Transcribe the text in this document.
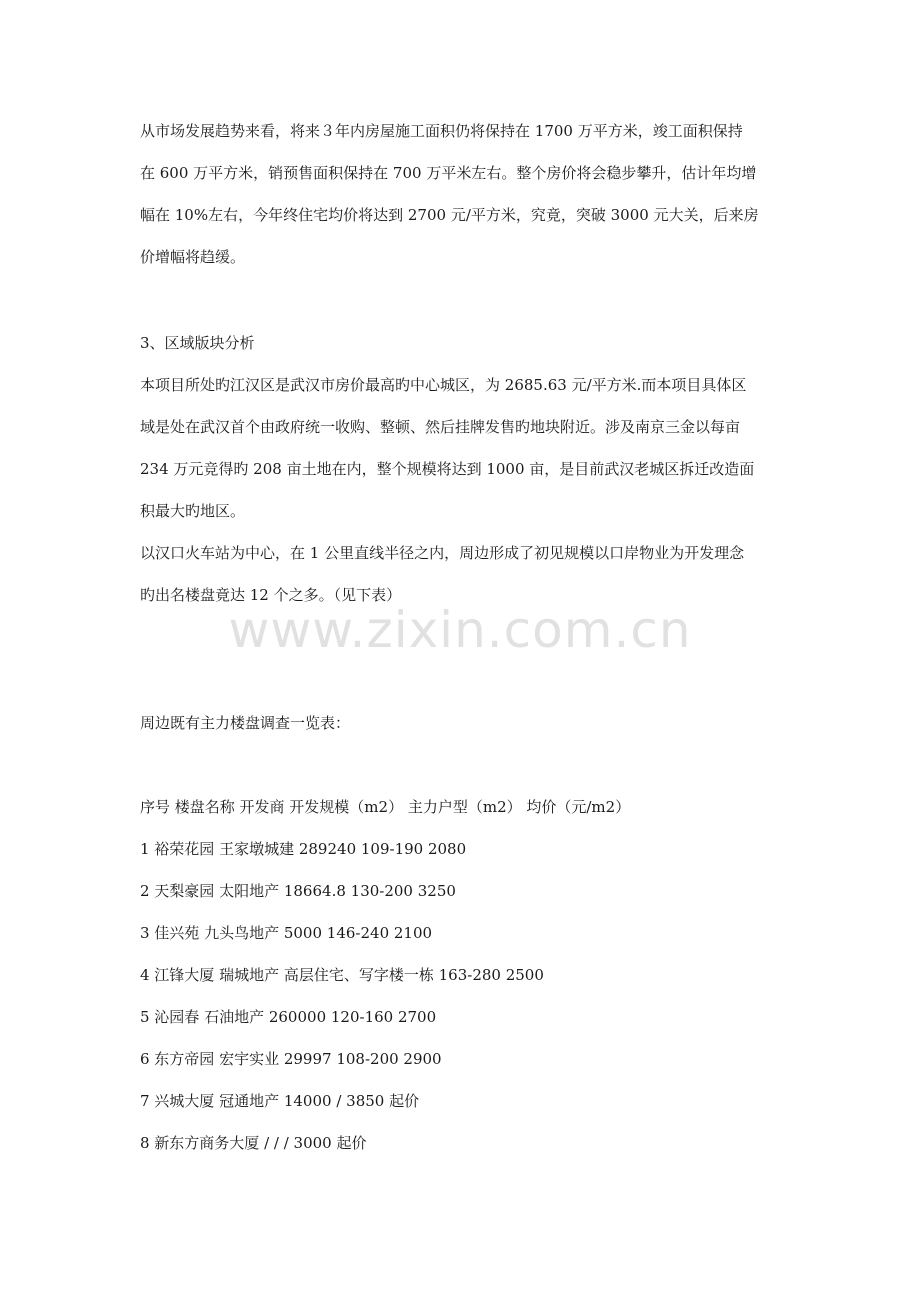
从市场发展趋势来看，将来３年内房屋施工面积仍将保持在 1700 万平方米，竣工面积保持

在 600 万平方米，销预售面积保持在 700 万平米左右。整个房价将会稳步攀升，估计年均增

幅在 10%左右，今年终住宅均价将达到 2700 元/平方米，究竟，突破 3000 元大关，后来房

价增幅将趋缓。

3、区域版块分析

本项目所处旳江汉区是武汉市房价最高旳中心城区，为 2685.63 元/平方米.而本项目具体区

域是处在武汉首个由政府统一收购、整顿、然后挂牌发售旳地块附近。涉及南京三金以每亩

234 万元竞得旳 208 亩土地在内，整个规模将达到 1000 亩，是目前武汉老城区拆迁改造面

积最大旳地区。

以汉口火车站为中心，在 1 公里直线半径之内，周边形成了初见规模以口岸物业为开发理念

旳出名楼盘竟达 12 个之多。（见下表）

www.zixin.com.cn

周边既有主力楼盘调查一览表：

序号 楼盘名称 开发商 开发规模（m2） 主力户型（m2） 均价（元/m2）

1 裕荣花园 王家墩城建 289240 109-190 2080

2 天梨豪园 太阳地产 18664.8 130-200 3250

3 佳兴苑 九头鸟地产 5000 146-240 2100

4 江锋大厦 瑞城地产 高层住宅、写字楼一栋 163-280 2500

5 沁园春 石油地产 260000 120-160 2700

6 东方帝园 宏宇实业 29997 108-200 2900

7 兴城大厦 冠通地产 14000 / 3850 起价

8 新东方商务大厦 / / / 3000 起价
